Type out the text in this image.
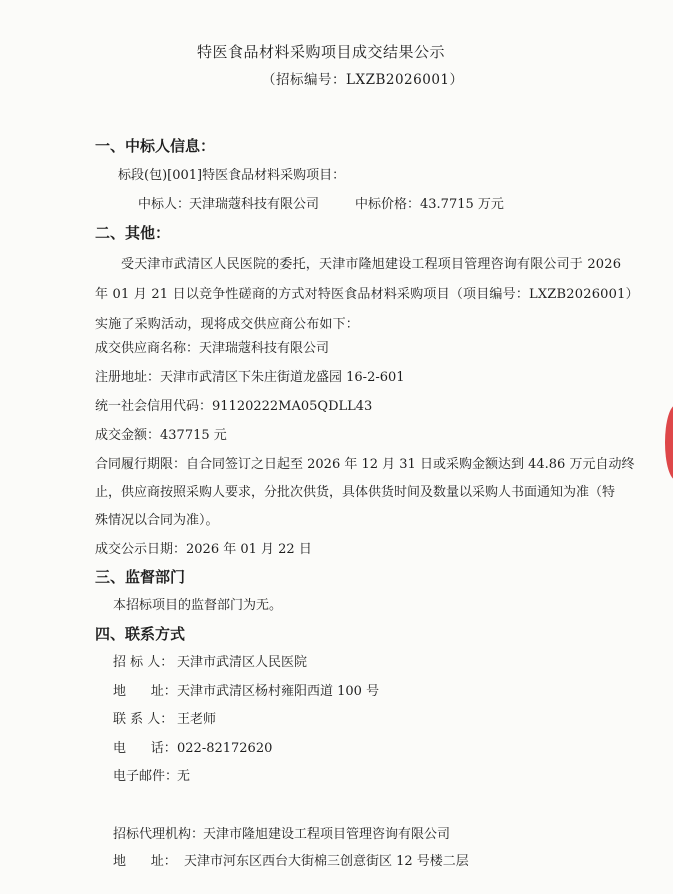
特医食品材料采购项目成交结果公示
（招标编号：LXZB2026001）
一、中标人信息：
标段(包)[001]特医食品材料采购项目：
中标人：
天津瑞蔻科技有限公司	中标价格： 43.7715 万元
二、其他：
受天津市武清区人民医院的委托，天津市隆旭建设工程项目管理咨询有限公司于 2026 年 01 月 21 日以竞争性磋商的方式对特医食品材料采购项目（项目编号：LXZB2026001）实施了采购活动，现将成交供应商公布如下：
成交供应商名称：天津瑞蔻科技有限公司
注册地址：天津市武清区下朱庄街道龙盛园 16-2-601
统一社会信用代码：91120222MA05QDLL43
成交金额：437715 元
合同履行期限：自合同签订之日起至 2026 年 12 月 31 日或采购金额达到 44.86 万元自动终
止，供应商按照采购人要求，分批次供货，具体供货时间及数量以采购人书面通知为准（特
殊情况以合同为准）。
成交公示日期：2026 年 01 月 22 日
三、监督部门
本招标项目的监督部门为无。
四、联系方式
招 标 人： 天津市武清区人民医院
地      址： 天津市武清区杨村雍阳西道 100 号
联 系 人： 王老师
电      话： 022-82172620
电子邮件：
无
招标代理机构：
天津市隆旭建设工程项目管理咨询有限公司
地      址： 天津市河东区西台大街棉三创意街区 12 号楼二层
